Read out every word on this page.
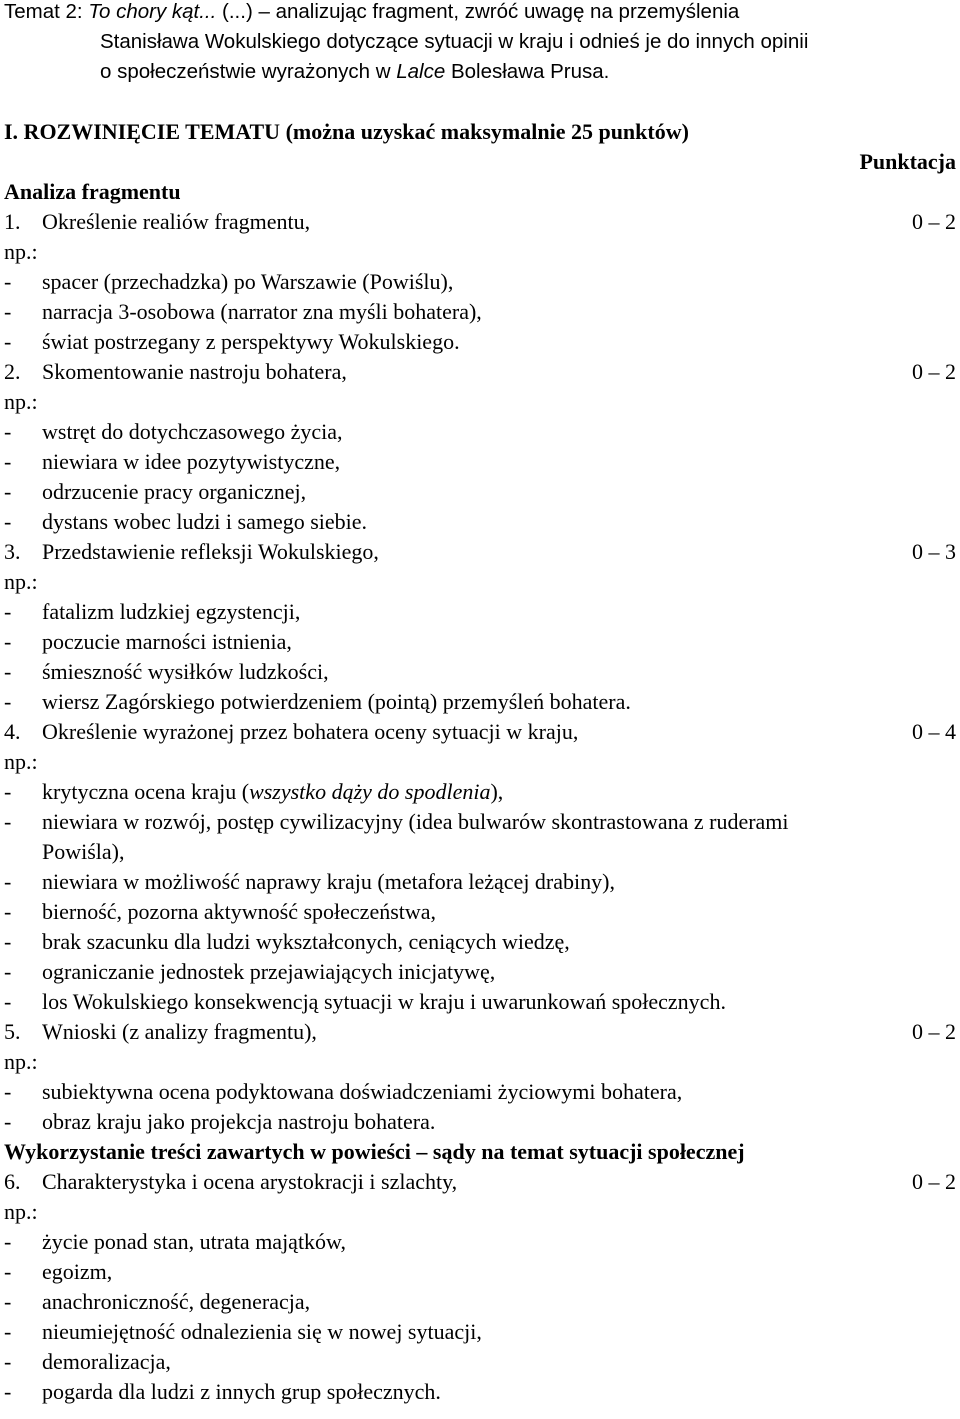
Temat 2: To chory kąt... (...) – analizując fragment, zwróć uwagę na przemyślenia
Stanisława Wokulskiego dotyczące sytuacji w kraju i odnieś je do innych opinii
o społeczeństwie wyrażonych w Lalce Bolesława Prusa.
I. ROZWINIĘCIE TEMATU (można uzyskać maksymalnie 25 punktów)
Punktacja
Analiza fragmentu
1. Określenie realiów fragmentu,	0 – 2
np.:
- spacer (przechadzka) po Warszawie (Powiślu),
- narracja 3-osobowa (narrator zna myśli bohatera),
- świat postrzegany z perspektywy Wokulskiego.
2. Skomentowanie nastroju bohatera,	0 – 2
np.:
- wstręt do dotychczasowego życia,
- niewiara w idee pozytywistyczne,
- odrzucenie pracy organicznej,
- dystans wobec ludzi i samego siebie.
3. Przedstawienie refleksji Wokulskiego,	0 – 3
np.:
- fatalizm ludzkiej egzystencji,
- poczucie marności istnienia,
- śmieszność wysiłków ludzkości,
- wiersz Zagórskiego potwierdzeniem (pointą) przemyśleń bohatera.
4. Określenie wyrażonej przez bohatera oceny sytuacji w kraju,	0 – 4
np.:
- krytyczna ocena kraju (wszystko dąży do spodlenia),
- niewiara w rozwój, postęp cywilizacyjny (idea bulwarów skontrastowana z ruderami
Powiśla),
- niewiara w możliwość naprawy kraju (metafora leżącej drabiny),
- bierność, pozorna aktywność społeczeństwa,
- brak szacunku dla ludzi wykształconych, ceniących wiedzę,
- ograniczanie jednostek przejawiających inicjatywę,
- los Wokulskiego konsekwencją sytuacji w kraju i uwarunkowań społecznych.
5. Wnioski (z analizy fragmentu),	0 – 2
np.:
- subiektywna ocena podyktowana doświadczeniami życiowymi bohatera,
- obraz kraju jako projekcja nastroju bohatera.
Wykorzystanie treści zawartych w powieści – sądy na temat sytuacji społecznej
6. Charakterystyka i ocena arystokracji i szlachty,	0 – 2
np.:
- życie ponad stan, utrata majątków,
- egoizm,
- anachroniczność, degeneracja,
- nieumiejętność odnalezienia się w nowej sytuacji,
- demoralizacja,
- pogarda dla ludzi z innych grup społecznych.
